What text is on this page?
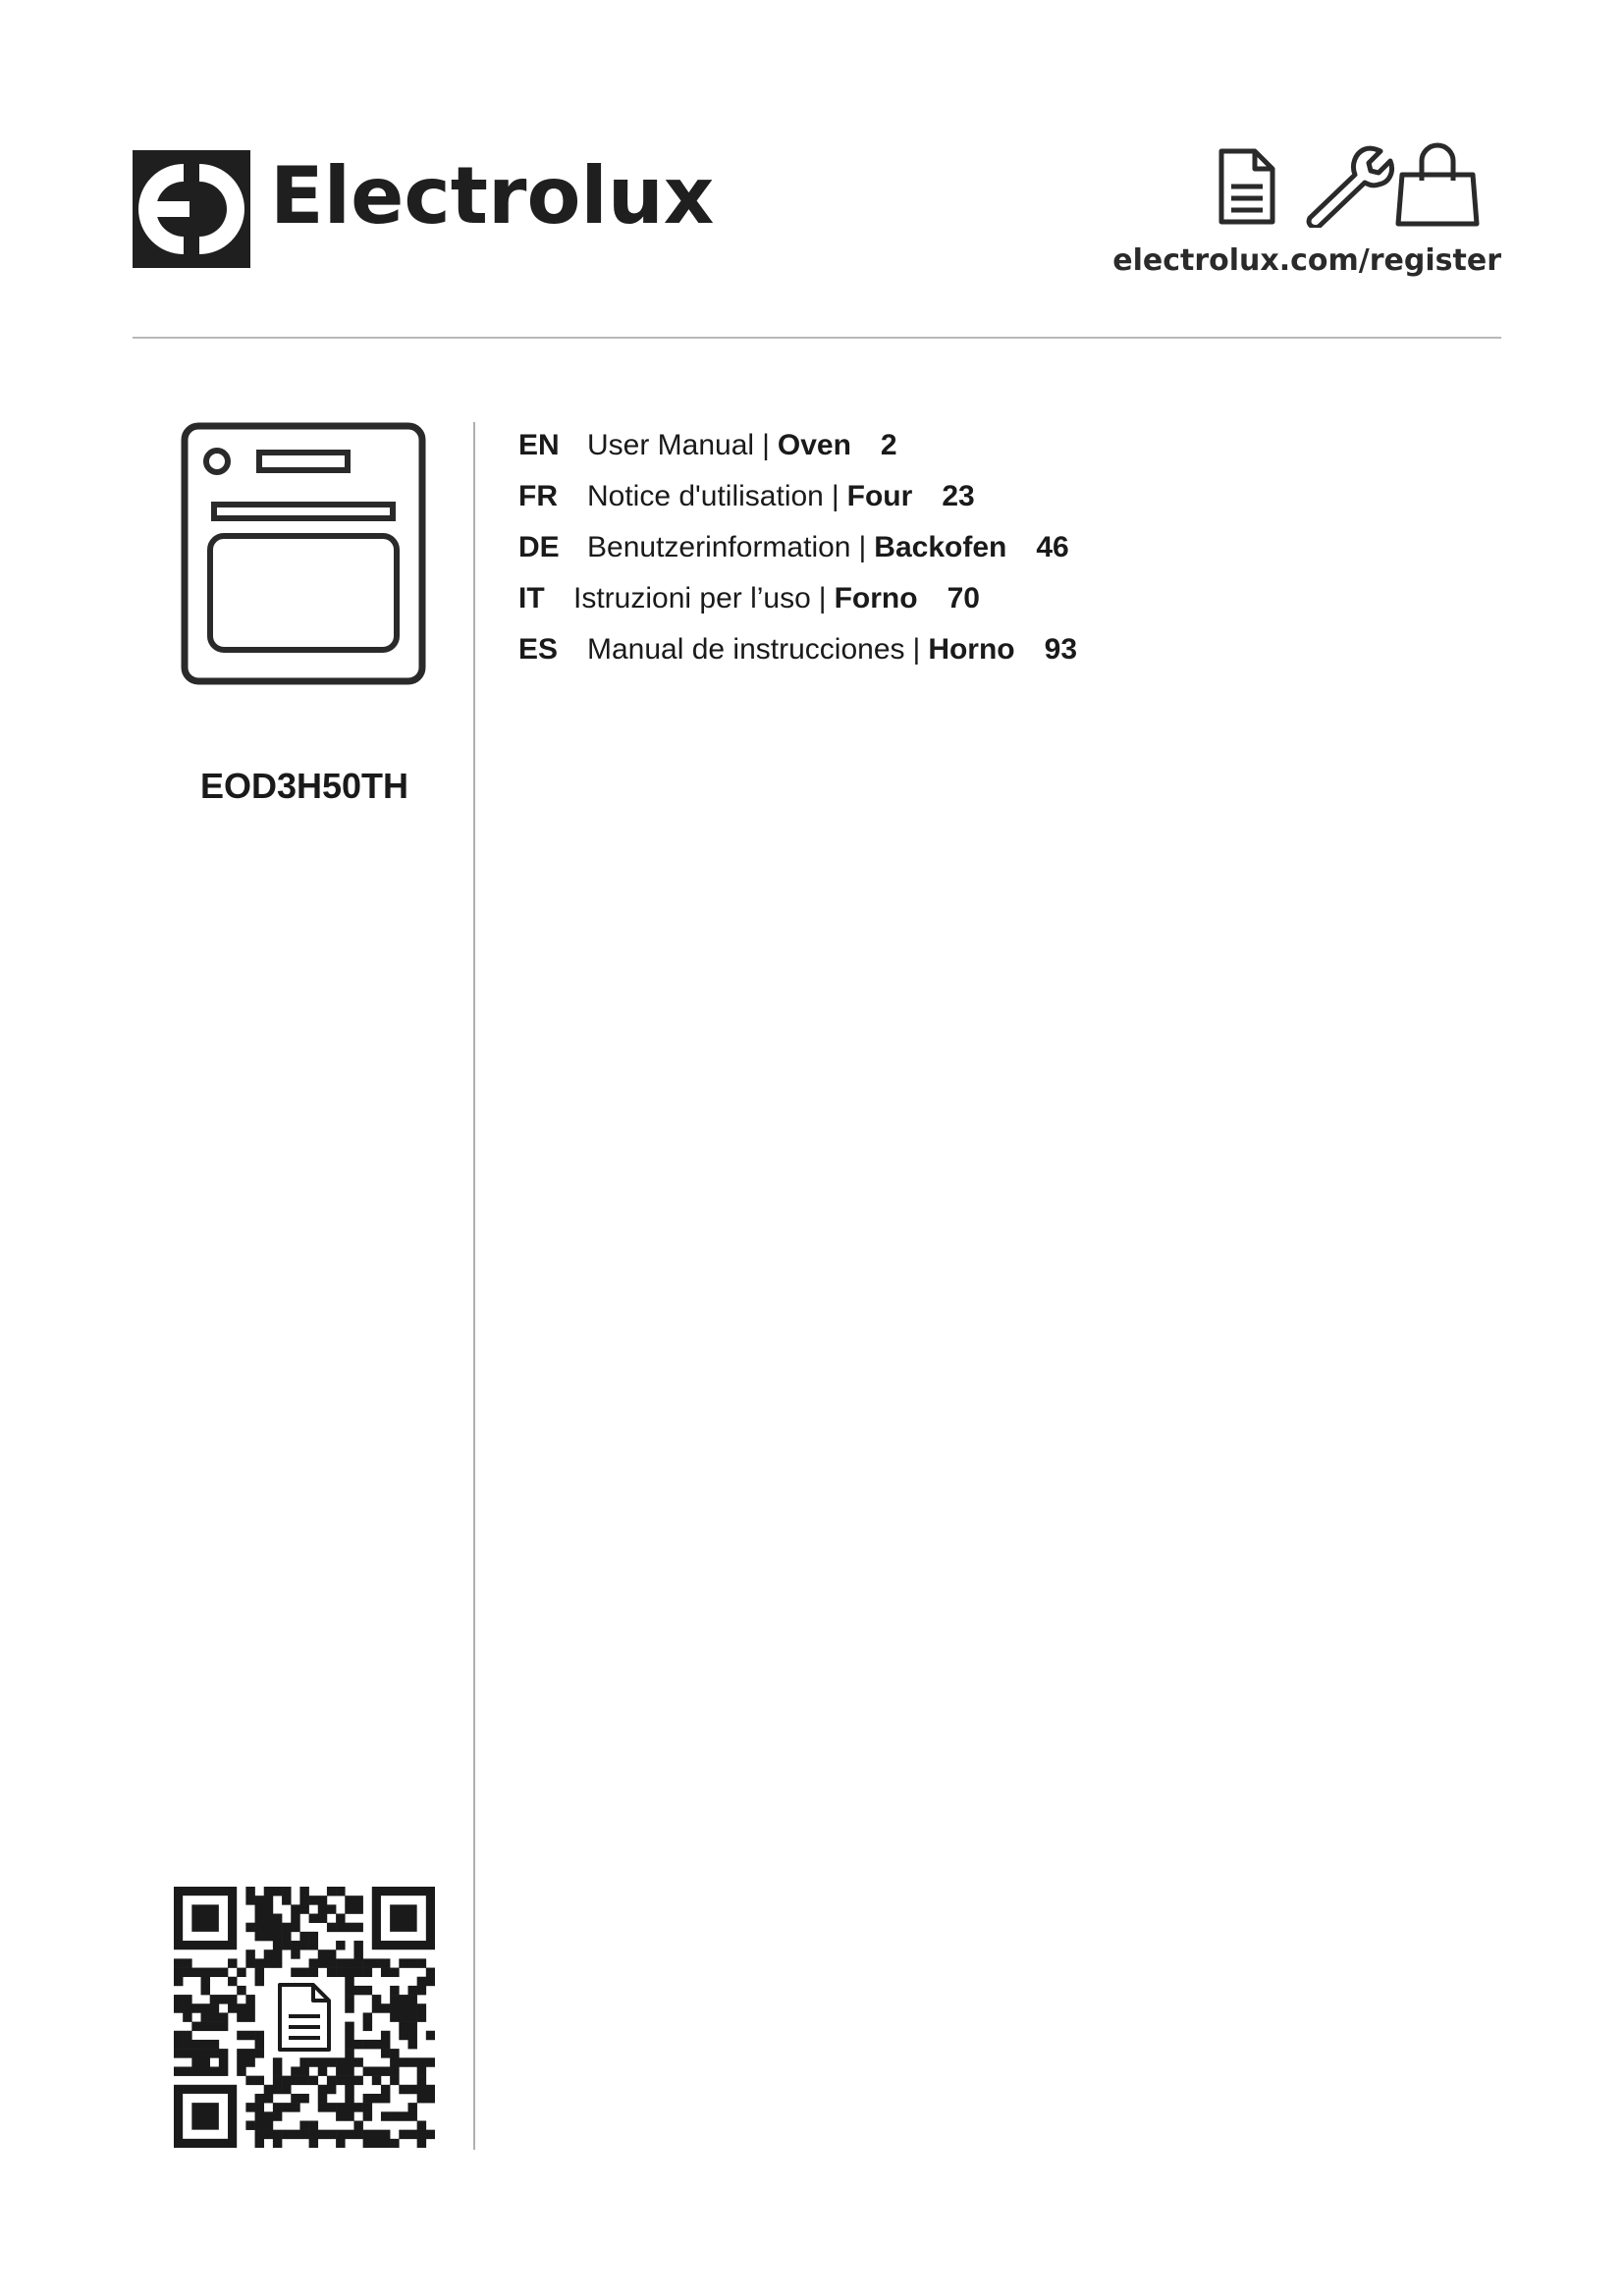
Electrolux
electrolux.com/register
EOD3H50TH
EN User Manual | Oven 2
FR	Notice d'utilisation | Four 23
DE Benutzerinformation | Backofen 46
IT Istruzioni per l’uso | Forno 70
ES Manual de instrucciones | Horno 93
